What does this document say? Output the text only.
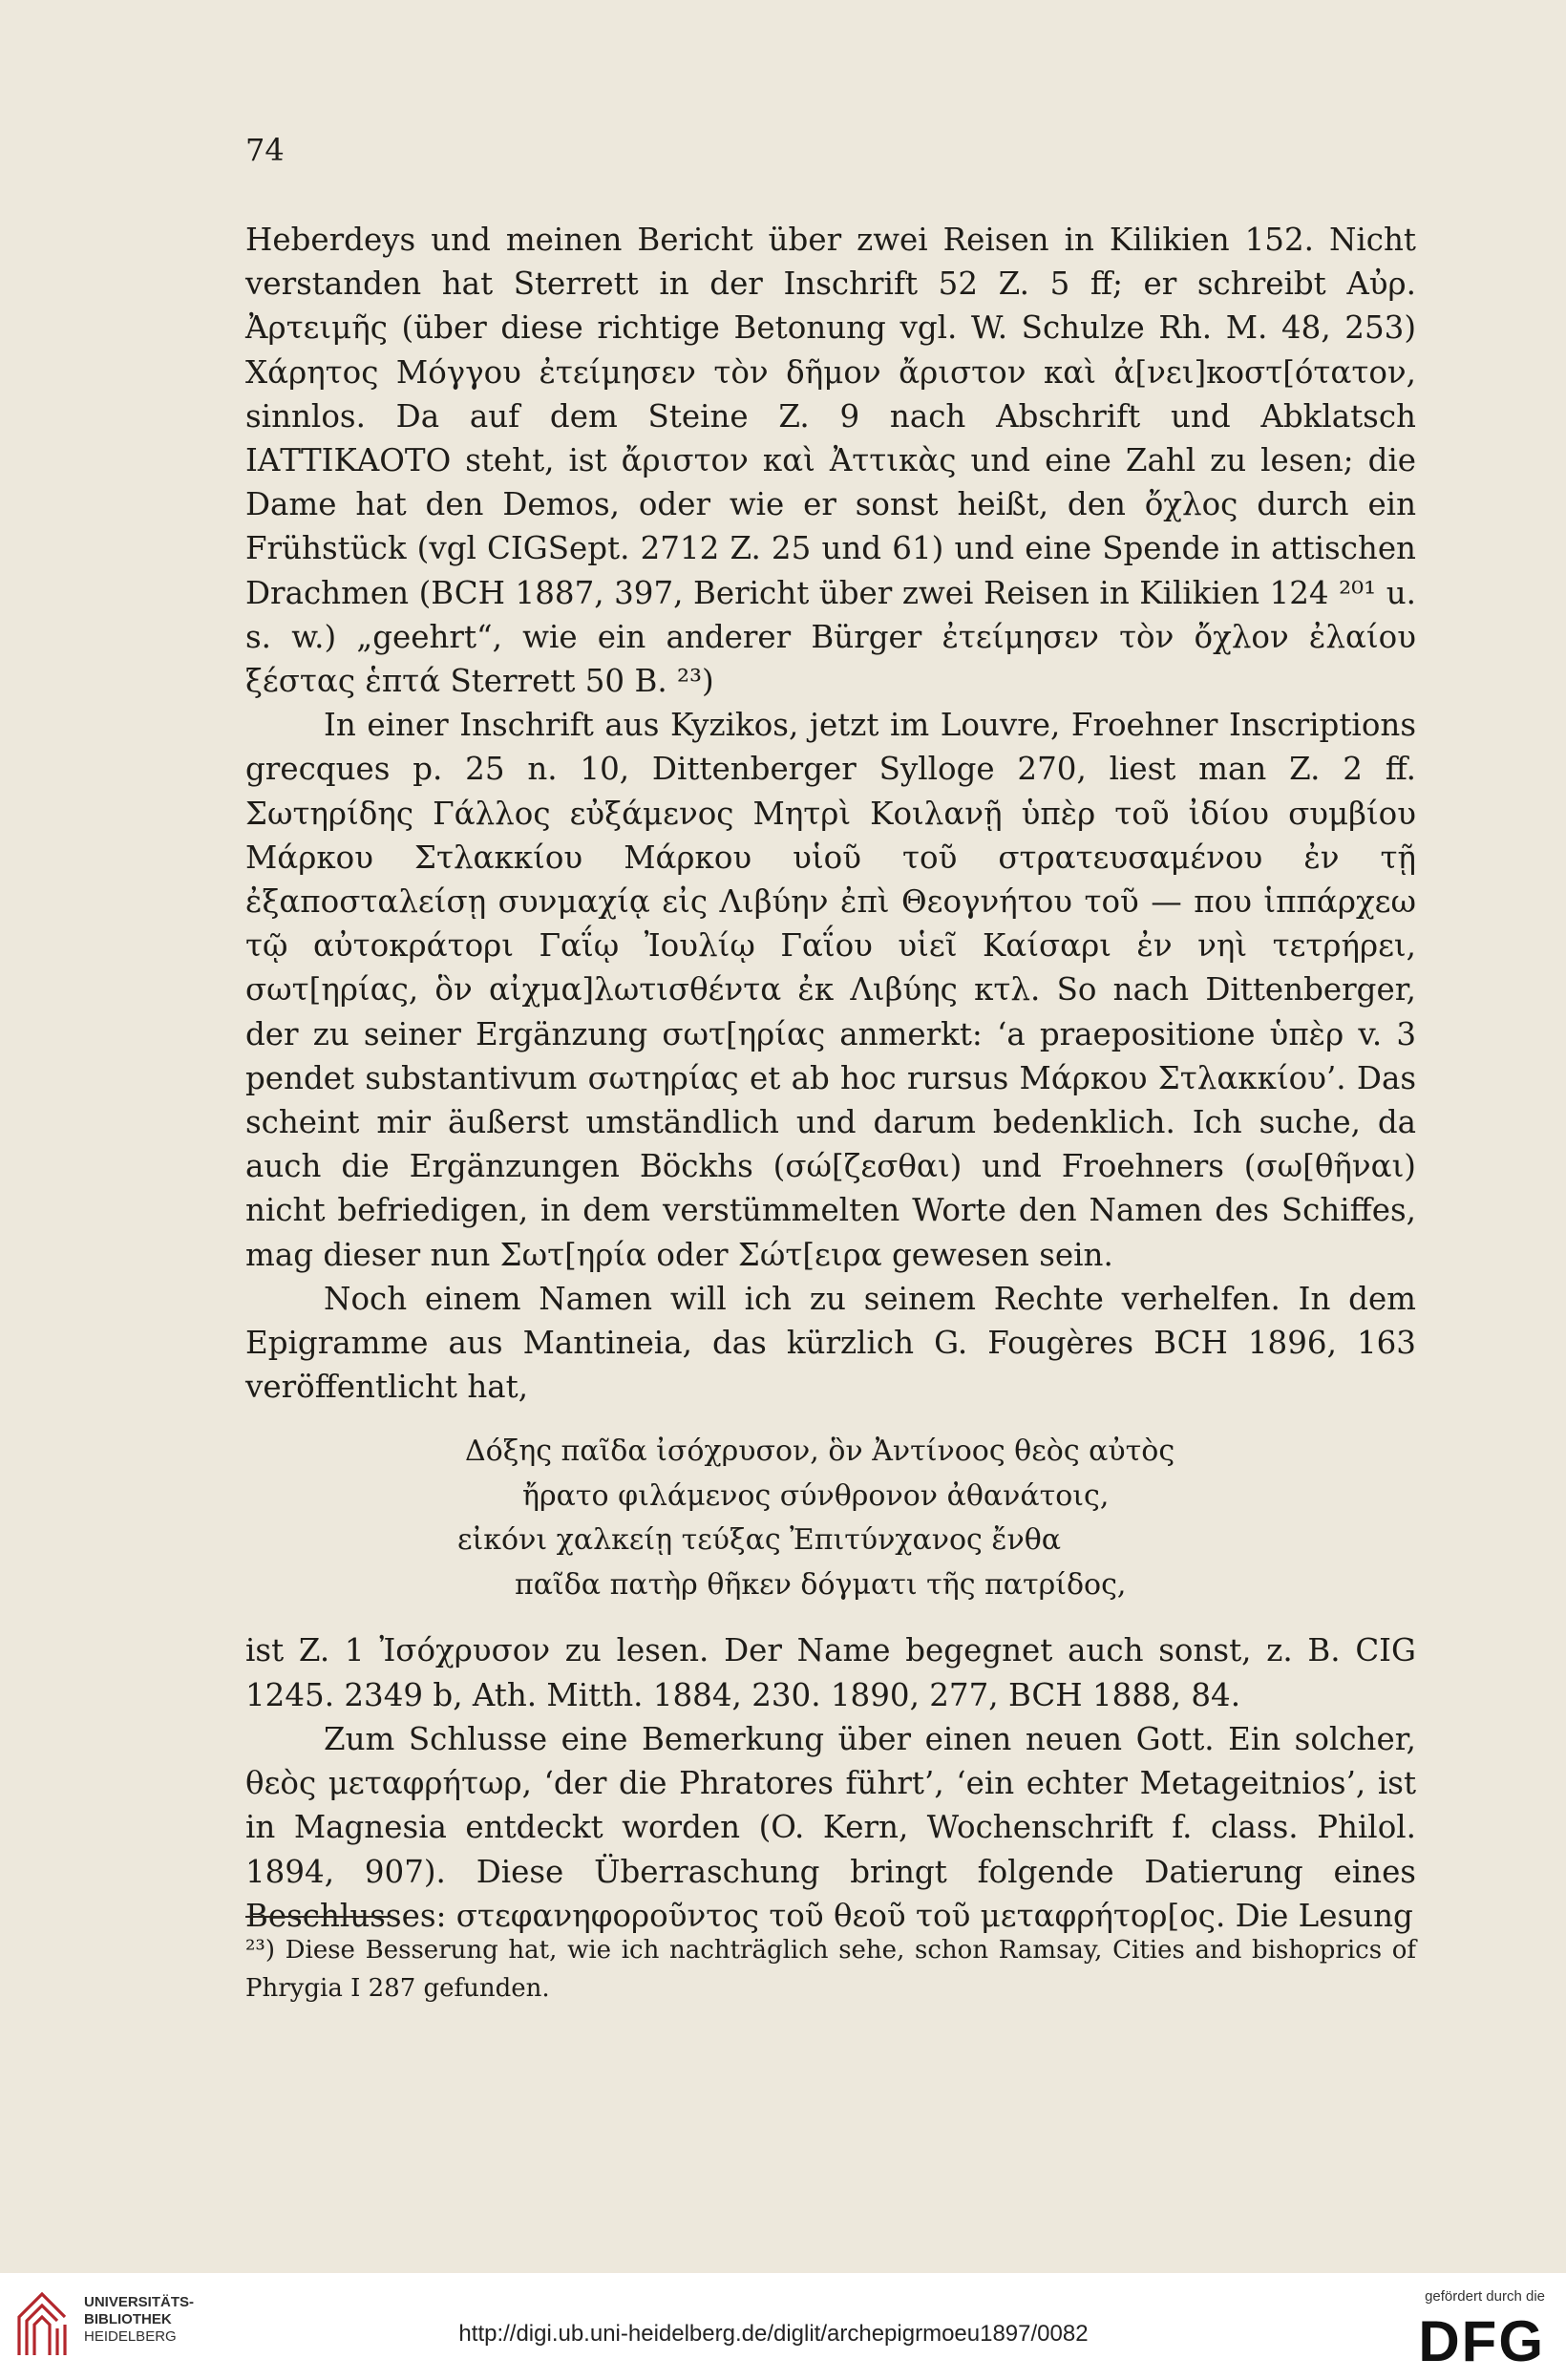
74

Heberdeys und meinen Bericht über zwei Reisen in Kilikien 152. Nicht verstanden hat Sterrett in der Inschrift 52 Z. 5 ff; er schreibt Αὐρ. Ἀρτειμῆς (über diese richtige Betonung vgl. W. Schulze Rh. M. 48, 253) Χάρητος Μόγγου ἐτείμησεν τὸν δῆμον ἄριστον καὶ ἀ[νει]κοστ[ότατον, sinnlos. Da auf dem Steine Z. 9 nach Abschrift und Abklatsch ΙΑΤΤΙΚΑΟΤΟ steht, ist ἄριστον καὶ Ἀττικὰς und eine Zahl zu lesen; die Dame hat den Demos, oder wie er sonst heißt, den ὄχλος durch ein Frühstück (vgl CIGSept. 2712 Z. 25 und 61) und eine Spende in attischen Drachmen (BCH 1887, 397, Bericht über zwei Reisen in Kilikien 124 ²⁰¹ u. s. w.) „geehrt“, wie ein anderer Bürger ἐτείμησεν τὸν ὄχλον ἐλαίου ξέστας ἑπτά Sterrett 50 B. ²³)

In einer Inschrift aus Kyzikos, jetzt im Louvre, Froehner Inscriptions grecques p. 25 n. 10, Dittenberger Sylloge 270, liest man Z. 2 ff. Σωτηρίδης Γάλλος εὐξάμενος Μητρὶ Κοιλανῇ ὑπὲρ τοῦ ἰδίου συμβίου Μάρκου Στλακκίου Μάρκου υἱοῦ τοῦ στρατευσαμένου ἐν τῇ ἐξαποσταλείσῃ συνμαχίᾳ εἰς Λιβύην ἐπὶ Θεογνήτου τοῦ — που ἱππάρχεω τῷ αὐτοκράτορι Γαΐῳ Ἰουλίῳ Γαΐου υἱεῖ Καίσαρι ἐν νηὶ τετρήρει, σωτ[ηρίας, ὃν αἰχμα]λωτισθέντα ἐκ Λιβύης κτλ. So nach Dittenberger, der zu seiner Ergänzung σωτ[ηρίας anmerkt: ‘a praepositione ὑπὲρ v. 3 pendet substantivum σωτηρίας et ab hoc rursus Μάρκου Στλακκίου’. Das scheint mir äußerst umständlich und darum bedenklich. Ich suche, da auch die Ergänzungen Böckhs (σώ[ζεσθαι) und Froehners (σω[θῆναι) nicht befriedigen, in dem verstümmelten Worte den Namen des Schiffes, mag dieser nun Σωτ[ηρία oder Σώτ[ειρα gewesen sein.

Noch einem Namen will ich zu seinem Rechte verhelfen. In dem Epigramme aus Mantineia, das kürzlich G. Fougères BCH 1896, 163 veröffentlicht hat,

Δόξης παῖδα ἰσόχρυσον, ὃν Ἀντίνοος θεὸς αὐτὸς
ἤρατο φιλάμενος σύνθρονον ἀθανάτοις,
εἰκόνι χαλκείῃ τεύξας Ἐπιτύνχανος ἔνθα
παῖδα πατὴρ θῆκεν δόγματι τῆς πατρίδος,

ist Z. 1 Ἰσόχρυσον zu lesen. Der Name begegnet auch sonst, z. B. CIG 1245. 2349 b, Ath. Mitth. 1884, 230. 1890, 277, BCH 1888, 84.

Zum Schlusse eine Bemerkung über einen neuen Gott. Ein solcher, θεὸς μεταφρήτωρ, ‘der die Phratores führt’, ‘ein echter Metageitnios’, ist in Magnesia entdeckt worden (O. Kern, Wochenschrift f. class. Philol. 1894, 907). Diese Überraschung bringt folgende Datierung eines Beschlusses: στεφανηφοροῦντος τοῦ θεοῦ τοῦ μεταφρήτορ[ος. Die Lesung

²³) Diese Besserung hat, wie ich nachträglich sehe, schon Ramsay, Cities and bishoprics of Phrygia I 287 gefunden.

UNIVERSITÄTS-
BIBLIOTHEK
HEIDELBERG	http://digi.ub.uni-heidelberg.de/diglit/archepigrmoeu1897/0082
gefördert durch die
DFG
